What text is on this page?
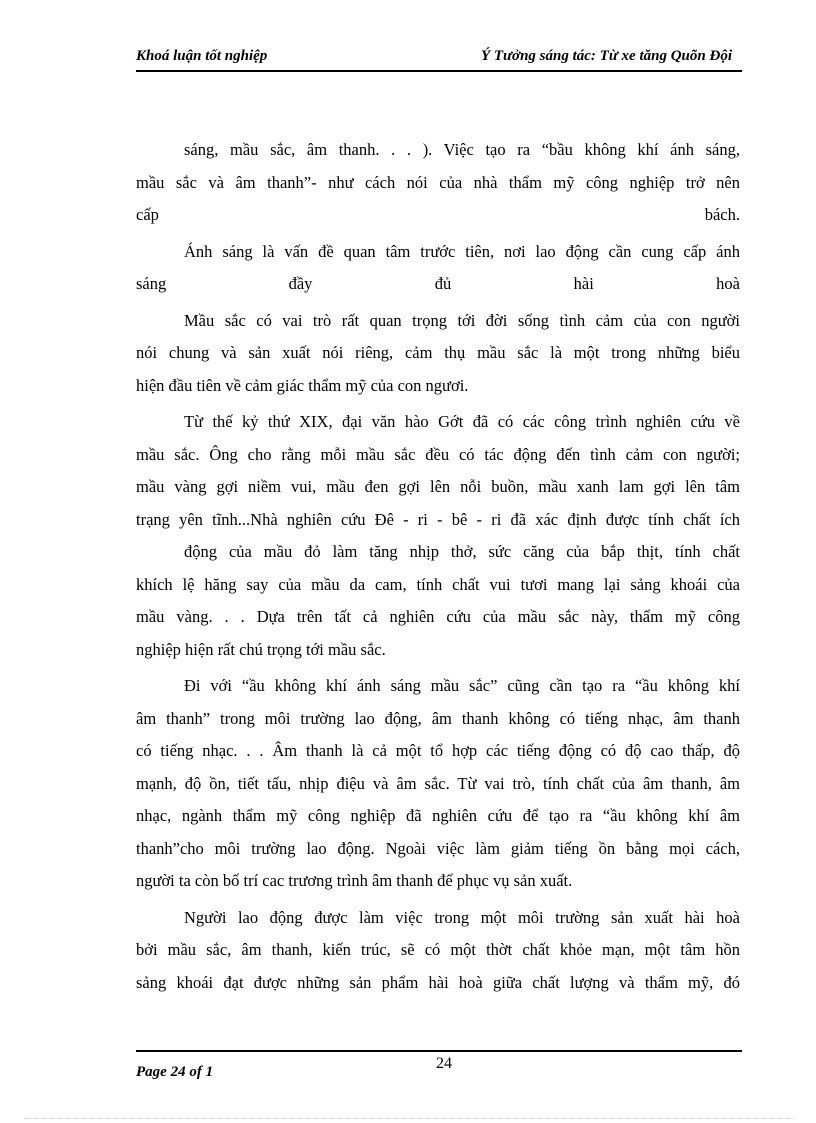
Khoá luận tốt nghiệp	Ý Tưởng sáng tác: Từ xe tăng Quõn Đội

sáng, mầu sắc, âm thanh. . . ). Việc tạo ra “bầu không khí ánh sáng,
mầu sắc và âm thanh”- như cách nói của nhà thẩm mỹ công nghiệp trở nên
cấp bách.

Ánh sáng là vấn đề quan tâm trước tiên, nơi lao động cần cung cấp ánh
sáng đầy đủ hài hoà

Mầu sắc có vai trò rất quan trọng tới đời sống tình cảm của con người
nói chung và sản xuất nói riêng, cảm thụ mầu sắc là một trong những biểu
hiện đầu tiên về cảm giác thẩm mỹ của con ngươi.

Từ thế kỷ thứ XIX, đại văn hào Gớt đã có các công trình nghiên cứu về
mầu sắc. Ông cho rằng mỗi mầu sắc đều có tác động đến tình cảm con người;
mầu vàng gợi niềm vui, mầu đen gợi lên nỗi buồn, mầu xanh lam gợi lên tâm
trạng yên tĩnh...Nhà nghiên cứu Đê - ri - bê - ri đã xác định được tính chất ích

động của mầu đỏ làm tăng nhịp thở, sức căng của bắp thịt, tính chất
khích lệ hăng say của mầu da cam, tính chất vui tươi mang lại sảng khoái của
mầu vàng. . . Dựa trên tất cả nghiên cứu của mầu sắc này, thẩm mỹ công
nghiệp hiện rất chú trọng tới mầu sắc.

Đi với “ầu không khí ánh sáng mầu sắc” cũng cần tạo ra “ầu không khí
âm thanh” trong môi trường lao động, âm thanh không có tiếng nhạc, âm thanh
có tiếng nhạc. . . Âm thanh là cả một tổ hợp các tiếng động có độ cao thấp, độ
mạnh, độ ồn, tiết tấu, nhịp điệu và âm sắc. Từ vai trò, tính chất của âm thanh, âm
nhạc, ngành thẩm mỹ công nghiệp đã nghiên cứu để tạo ra “ầu không khí âm
thanh”cho môi trường lao động. Ngoài việc làm giảm tiếng ồn bằng mọi cách,
người ta còn bố trí cac trương trình âm thanh để phục vụ sản xuất.

Người lao động được làm việc trong một môi trường sản xuất hài hoà
bởi mầu sắc, âm thanh, kiến trúc, sẽ có một thờt chất khỏe mạn, một tâm hồn
sảng khoái đạt được những sản phẩm hài hoà giữa chất lượng và thẩm mỹ, đó

Page 24 of 1	24
